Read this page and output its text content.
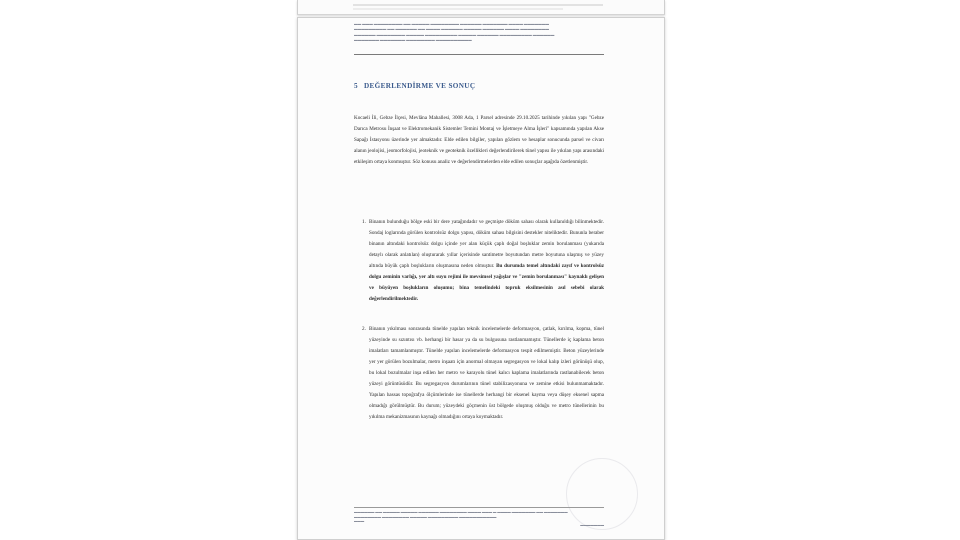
▬▬ ▬▬▬ ▬▬▬▬▬▬▬▬ ▬▬ ▬▬▬▬▬ ▬▬▬▬▬▬▬▬ ▬▬▬▬▬▬ ▬▬▬▬▬▬▬ ▬▬▬▬ ▬▬▬▬▬▬▬
▬▬▬▬▬▬▬▬▬ ▬▬ ▬▬▬▬▬▬ ▬▬ ▬▬▬▬ ▬▬▬▬▬▬ ▬▬▬▬▬ ▬▬▬▬▬▬ ▬▬▬▬ ▬▬▬▬▬▬▬▬
▬▬▬▬▬▬ ▬▬▬▬▬▬▬▬ ▬▬▬▬▬ ▬▬▬▬▬▬▬▬▬ ▬▬▬▬▬ ▬▬▬▬▬▬ ▬▬▬▬▬▬▬▬▬ ▬▬▬▬▬▬
▬▬▬▬▬▬▬ ▬▬▬▬▬▬▬ ▬▬▬▬▬▬▬▬ ▬▬▬▬▬▬▬▬▬▬
5 DEĞERLENDİRME VE SONUÇ
Kocaeli İli, Gebze İlçesi, Mevlâna Mahallesi, 3008 Ada, 1 Parsel adresinde 29.10.2025 tarihinde yıkılan yapı "Gebze Darıca Metrosu İnşaat ve Elektromekanik Sistemler Temini Montaj ve İşletmeye Alma İşleri" kapsamında yapılan Akse Sapağı İstasyonu üzerinde yer almaktadır. Elde edilen bilgiler, yapılan gözlem ve hesaplar sonucunda parsel ve civarı alanın jeolojisi, jeomorfolojisi, jeoteknik ve geoteknik özellikleri değerlendirilerek tünel yapısı ile yıkılan yapı arasındaki etkileşim ortaya konmuştur. Söz konusu analiz ve değerlendirmelerden elde edilen sonuçlar aşağıda özetlenmiştir.
1. Binanın bulunduğu bölge eski bir dere yatağındadır ve geçmişte döküm sahası olarak kullanıldığı bilinmektedir. Sondaj loglarında görülen kontrolsüz dolgu yapısı, döküm sahası bilgisini destekler niteliktedir. Bununla beraber binanın altındaki kontrolsüz dolgu içinde yer alan küçük çaplı doğal boşluklar zemin borulanması (yukarıda detaylı olarak anlatılan) oluşturarak yıllar içerisinde santimetre boyutundan metre boyutuna ulaşmış ve yüzey altında büyük çaplı boşlukların oluşmasına neden olmuştur. Bu durumda temel altındaki zayıf ve kontrolsüz dolgu zeminin varlığı, yer altı suyu rejimi ile mevsimsel yağışlar ve "zemin borulanması" kaynaklı gelişen ve büyüyen boşlukların oluşumu; bina temelindeki topruk eksilmesinin asıl sebebi olarak değerlendirilmektedir.
2. Binanın yıkılması sonrasında tünelde yapılan teknik incelemelerde deformasyon, çatlak, kırılma, kopma, tünel yüzeyinde su sızıntısı vb. herhangi bir hasar ya da su bulgusuna rastlanmamıştır. Tünellerde iç kaplama beton imalatları tamamlanmıştır. Tünelde yapılan incelemelerde deformasyon tespit edilmemiştir. Beton yüzeylerinde yer yer görülen bozulmalar, metro inşaatı için anormal olmayan segregasyon ve lokal kalıp izleri görünüşü olup, bu lokal bozulmalar inşa edilen her metro ve karayolu tünel kalıcı kaplama imalatlarında rastlanabilecek beton yüzeyi görüntüsüdür. Bu segregasyon durumlarının tünel stabilizasyonuna ve zemine etkisi bulunmamaktadır. Yapılan hassas topoğrafya ölçümlerinde ise tünellerde herhangi bir eksenel kayma veya düşey eksenel sapma olmadığı görülmüştür. Bu durum; yüzeydeki göçmenin üst bölgede oluşmuş olduğu ve metro tünellerinin bu yıkılma mekanizmasının kaynağı olmadığını ortaya koymaktadır.
▬▬▬▬▬▬ ▬▬ ▬▬▬▬▬ ▬▬▬▬▬ ▬▬▬▬▬▬ ▬▬▬▬▬▬▬▬ ▬▬▬▬ ▬▬▬ ▬ ▬▬▬▬ ▬▬▬▬▬▬▬ ▬▬ ▬▬▬▬▬▬▬
▬▬▬▬▬▬▬▬ ▬▬▬▬▬▬▬▬ ▬▬▬▬▬ ▬▬▬▬▬▬▬▬▬ ▬▬▬▬▬▬▬▬▬▬▬
▬▬▬
▬▬▬▬▬▬▬
